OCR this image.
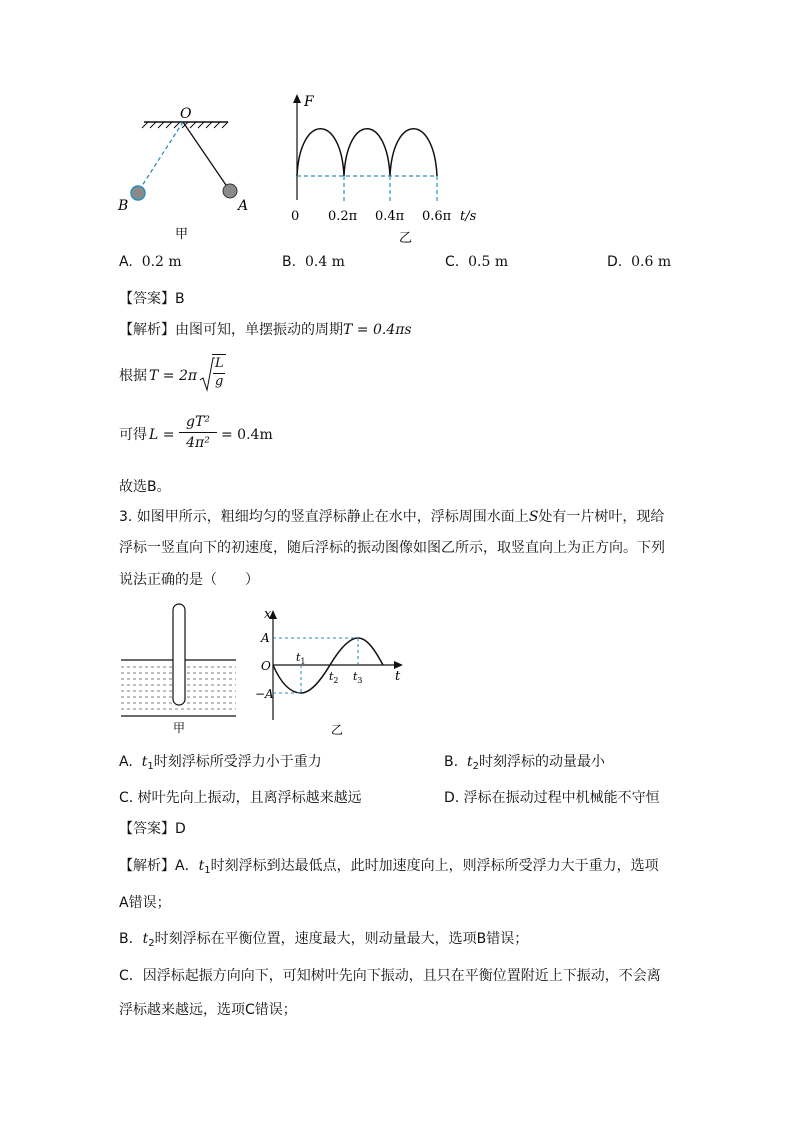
O
B	A
甲
F
0 0.2π 0.4π 0.6π t/s
乙
A. 0.2 m	B. 0.4 m	C. 0.5 m	D. 0.6 m
【答案】B
【解析】由图可知，单摆振动的周期T = 0.4πs
根据 T = 2π
L
g
可得 L =
gT²
4π² = 0.4m
故选B。
3. 如图甲所示，粗细均匀的竖直浮标静止在水中，浮标周围水面上S处有一片树叶，现给
浮标一竖直向下的初速度，随后浮标的振动图像如图乙所示，取竖直向上为正方向。下列
说法正确的是（　　）
甲
x
A
O
−A
$t_1$
$t_2$ $t_3$ t
乙
A. $t_1$时刻浮标所受浮力小于重力	B. $t_2$时刻浮标的动量最小
C. 树叶先向上振动，且离浮标越来越远	D. 浮标在振动过程中机械能不守恒
【答案】D
【解析】A．$t_1$时刻浮标到达最低点，此时加速度向上，则浮标所受浮力大于重力，选项
A错误；
B．$t_2$时刻浮标在平衡位置，速度最大，则动量最大，选项B错误；
C．因浮标起振方向向下，可知树叶先向下振动，且只在平衡位置附近上下振动，不会离
浮标越来越远，选项C错误；
